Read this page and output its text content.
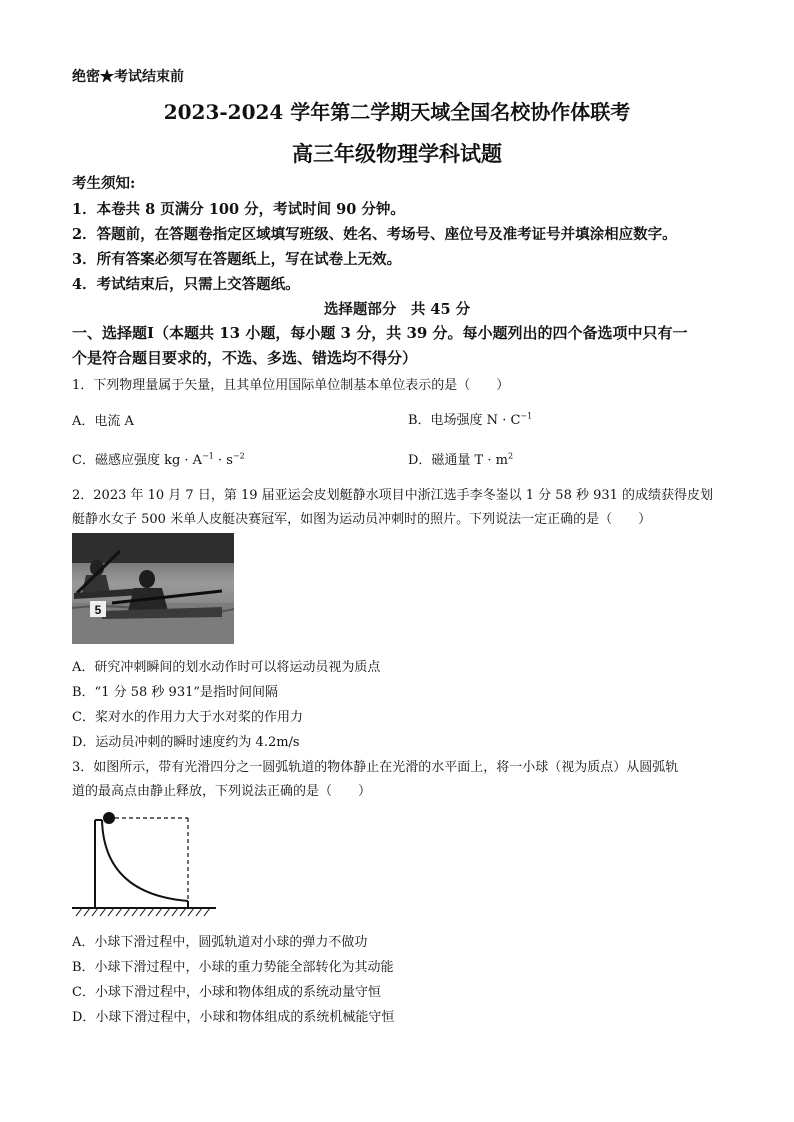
绝密★考试结束前
2023-2024 学年第二学期天域全国名校协作体联考
高三年级物理学科试题
考生须知:
1．本卷共 8 页满分 100 分，考试时间 90 分钟。
2．答题前，在答题卷指定区域填写班级、姓名、考场号、座位号及准考证号并填涂相应数字。
3．所有答案必须写在答题纸上，写在试卷上无效。
4．考试结束后，只需上交答题纸。
选择题部分　共 45 分
一、选择题Ⅰ（本题共 13 小题，每小题 3 分，共 39 分。每小题列出的四个备选项中只有一
个是符合题目要求的，不选、多选、错选均不得分）
1．下列物理量属于矢量，且其单位用国际单位制基本单位表示的是（　　）
A．电流 A	B．电场强度 $N \cdot C^{-1}$
C．磁感应强度 kg · $A^{-1} \cdot s^{-2}$	D．磁通量 $T \cdot m^2$
2．2023 年 10 月 7 日，第 19 届亚运会皮划艇静水项目中浙江选手李冬崟以 1 分 58 秒 931 的成绩获得皮划
艇静水女子 500 米单人皮艇决赛冠军，如图为运动员冲刺时的照片。下列说法一定正确的是（　　）
5
A．研究冲刺瞬间的划水动作时可以将运动员视为质点
B．“1 分 58 秒 931”是指时间间隔
C．桨对水的作用力大于水对桨的作用力
D．运动员冲刺的瞬时速度约为 4.2m/s
3．如图所示，带有光滑四分之一圆弧轨道的物体静止在光滑的水平面上，将一小球（视为质点）从圆弧轨
道的最高点由静止释放，下列说法正确的是（　　）
A．小球下滑过程中，圆弧轨道对小球的弹力不做功
B．小球下滑过程中，小球的重力势能全部转化为其动能
C．小球下滑过程中，小球和物体组成的系统动量守恒
D．小球下滑过程中，小球和物体组成的系统机械能守恒
